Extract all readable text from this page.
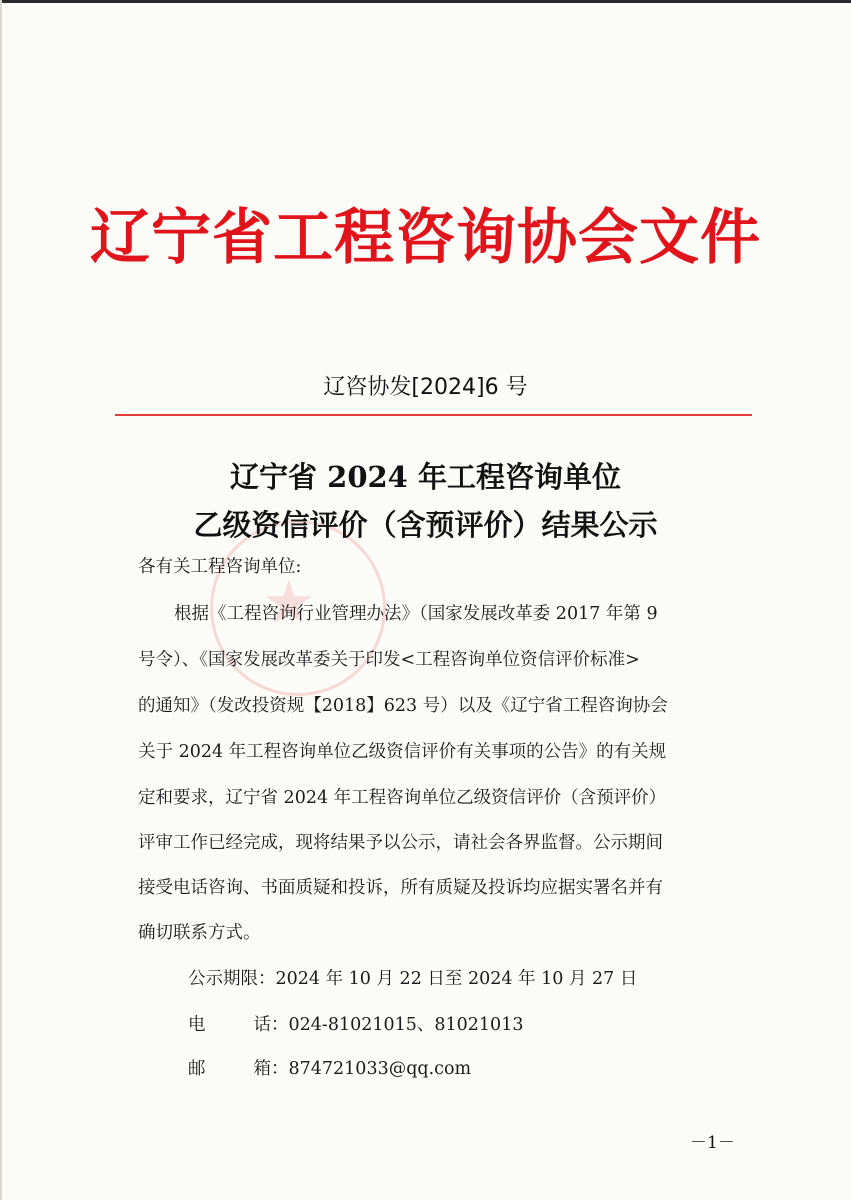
辽宁省工程咨询协会文件
辽咨协发[2024]6 号
★
辽宁省 2024 年工程咨询单位
乙级资信评价（含预评价）结果公示
各有关工程咨询单位:
根据《工程咨询行业管理办法》（国家发展改革委 2017 年第 9
号令）、《国家发展改革委关于印发<工程咨询单位资信评价标准>
的通知》（发改投资规【2018】623 号）以及《辽宁省工程咨询协会
关于 2024 年工程咨询单位乙级资信评价有关事项的公告》的有关规
定和要求，辽宁省 2024 年工程咨询单位乙级资信评价（含预评价）
评审工作已经完成，现将结果予以公示，请社会各界监督。公示期间
接受电话咨询、书面质疑和投诉，所有质疑及投诉均应据实署名并有
确切联系方式。
公示期限：2024 年 10 月 22 日至 2024 年 10 月 27 日
电	话：024-81021015、81021013
邮	箱：874721033@qq.com
－1－
